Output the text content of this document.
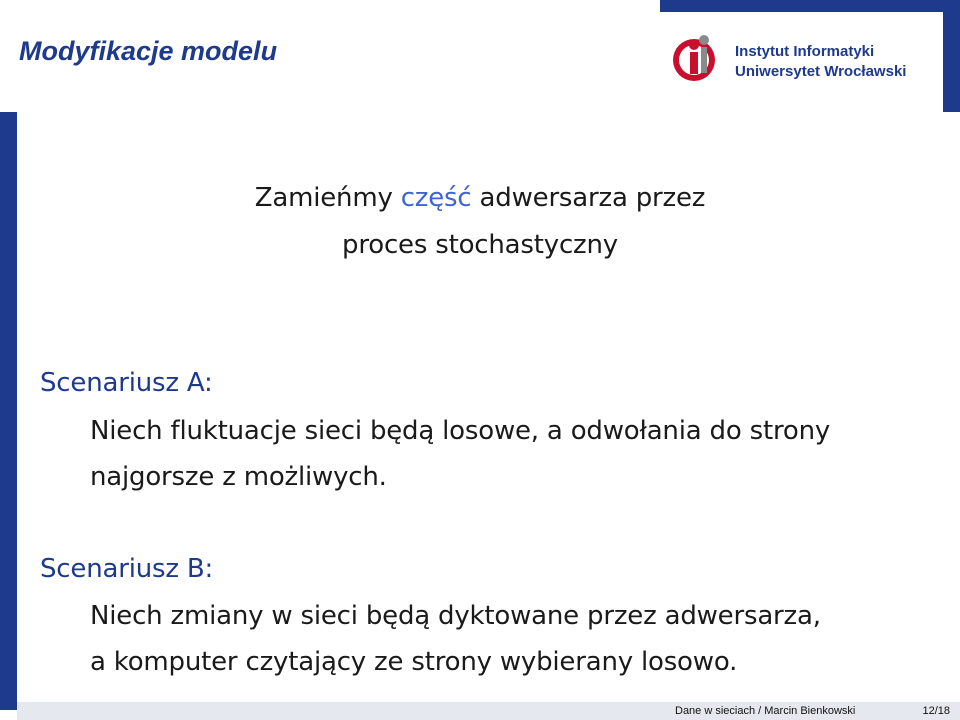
Modyfikacje modelu	Instytut Informatyki
Uniwersytet Wrocławski
Zamieńmy część adwersarza przez
proces stochastyczny
Scenariusz A:
Niech fluktuacje sieci będą losowe, a odwołania do strony
najgorsze z możliwych.
Scenariusz B:
Niech zmiany w sieci będą dyktowane przez adwersarza,
a komputer czytający ze strony wybierany losowo.
Dane w sieciach / Marcin Bienkowski	12/18
